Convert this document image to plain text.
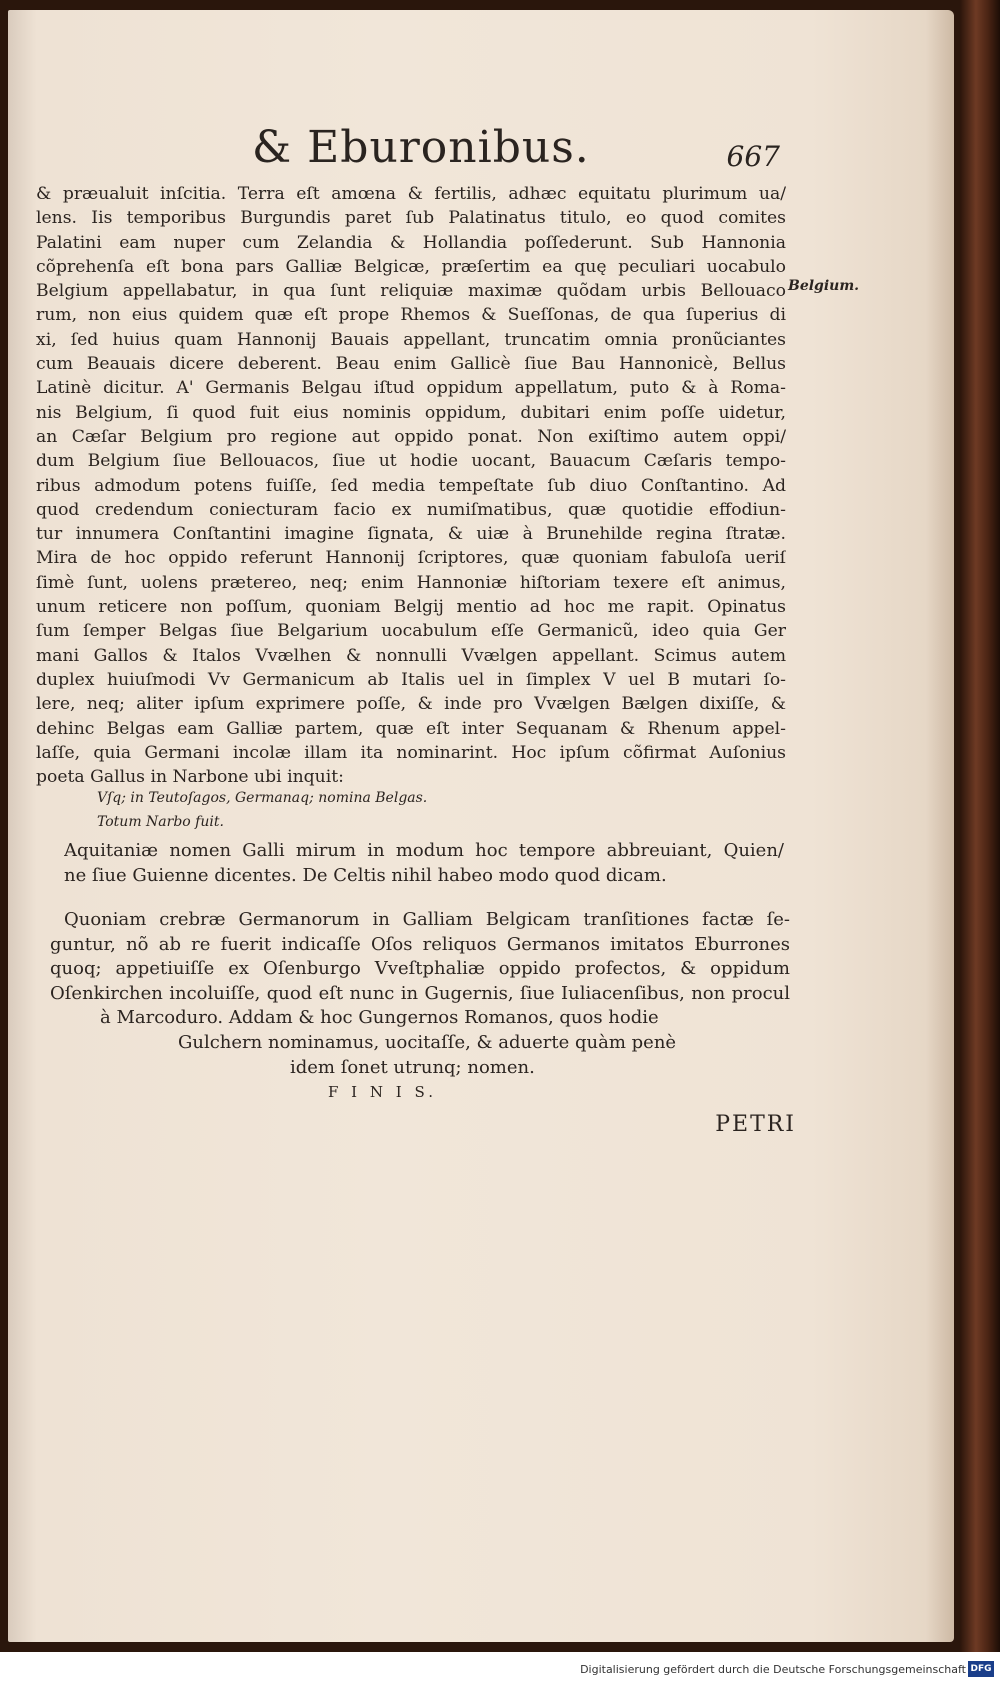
& Eburonibus.	667
& præualuit inſcitia. Terra eſt amœna & fertilis, adhæc equitatu plurimum ua/
lens. Iis temporibus Burgundis paret ſub Palatinatus titulo, eo quod comites
Palatini eam nuper cum Zelandia & Hollandia poſſederunt. Sub Hannonia
cõprehenſa eſt bona pars Galliæ Belgicæ, præſertim ea quę peculiari uocabulo
Belgium appellabatur, in qua ſunt reliquiæ maximæ quõdam urbis Bellouaco
rum, non eius quidem quæ eſt prope Rhemos & Sueſſonas, de qua ſuperius di
xi, ſed huius quam Hannonij Bauais appellant, truncatim omnia pronũciantes
cum Beauais dicere deberent. Beau enim Gallicè ſiue Bau Hannonicè, Bellus
Latinè dicitur. A' Germanis Belgau iſtud oppidum appellatum, puto & à Roma-
nis Belgium, ſi quod fuit eius nominis oppidum, dubitari enim poſſe uidetur,
an Cæſar Belgium pro regione aut oppido ponat. Non exiſtimo autem oppi/
dum Belgium ſiue Bellouacos, ſiue ut hodie uocant, Bauacum Cæſaris tempo-
ribus admodum potens fuiſſe, ſed media tempeſtate ſub diuo Conſtantino. Ad
quod credendum coniecturam facio ex numiſmatibus, quæ quotidie effodiun-
tur innumera Conſtantini imagine ſignata, & uiæ à Brunehilde regina ſtratæ.
Mira de hoc oppido referunt Hannonij ſcriptores, quæ quoniam fabuloſa ueriſ
ſimè ſunt, uolens prætereo, neq; enim Hannoniæ hiſtoriam texere eſt animus,
unum reticere non poſſum, quoniam Belgij mentio ad hoc me rapit. Opinatus
ſum ſemper Belgas ſiue Belgarium uocabulum eſſe Germanicũ, ideo quia Ger
mani Gallos & Italos Vvælhen & nonnulli Vvælgen appellant. Scimus autem
duplex huiuſmodi Vv Germanicum ab Italis uel in ſimplex V uel B mutari ſo-
lere, neq; aliter ipſum exprimere poſſe, & inde pro Vvælgen Bælgen dixiſſe, &
dehinc Belgas eam Galliæ partem, quæ eſt inter Sequanam & Rhenum appel-
laſſe, quia Germani incolæ illam ita nominarint. Hoc ipſum cõfirmat Auſonius
poeta Gallus in Narbone ubi inquit:
Belgium.
Vſq; in Teutoſagos, Germanaq; nomina Belgas.
Totum Narbo fuit.
Aquitaniæ nomen Galli mirum in modum hoc tempore abbreuiant, Quien/
ne ſiue Guienne dicentes. De Celtis nihil habeo modo quod dicam.
Quoniam crebræ Germanorum in Galliam Belgicam tranſitiones factæ ſe-
guntur, nõ ab re fuerit indicaſſe Oſos reliquos Germanos imitatos Eburrones
quoq; appetiuiſſe ex Oſenburgo Vveſtphaliæ oppido profectos, & oppidum
Oſenkirchen incoluiſſe, quod eſt nunc in Gugernis, ſiue Iuliacenſibus, non procul
à Marcoduro. Addam & hoc Gungernos Romanos, quos hodie
Gulchern nominamus, uocitaſſe, & aduerte quàm penè
idem ſonet utrunq; nomen.
F I N I S.
PETRI
Digitalisierung gefördert durch die Deutsche Forschungsgemeinschaft DFG
